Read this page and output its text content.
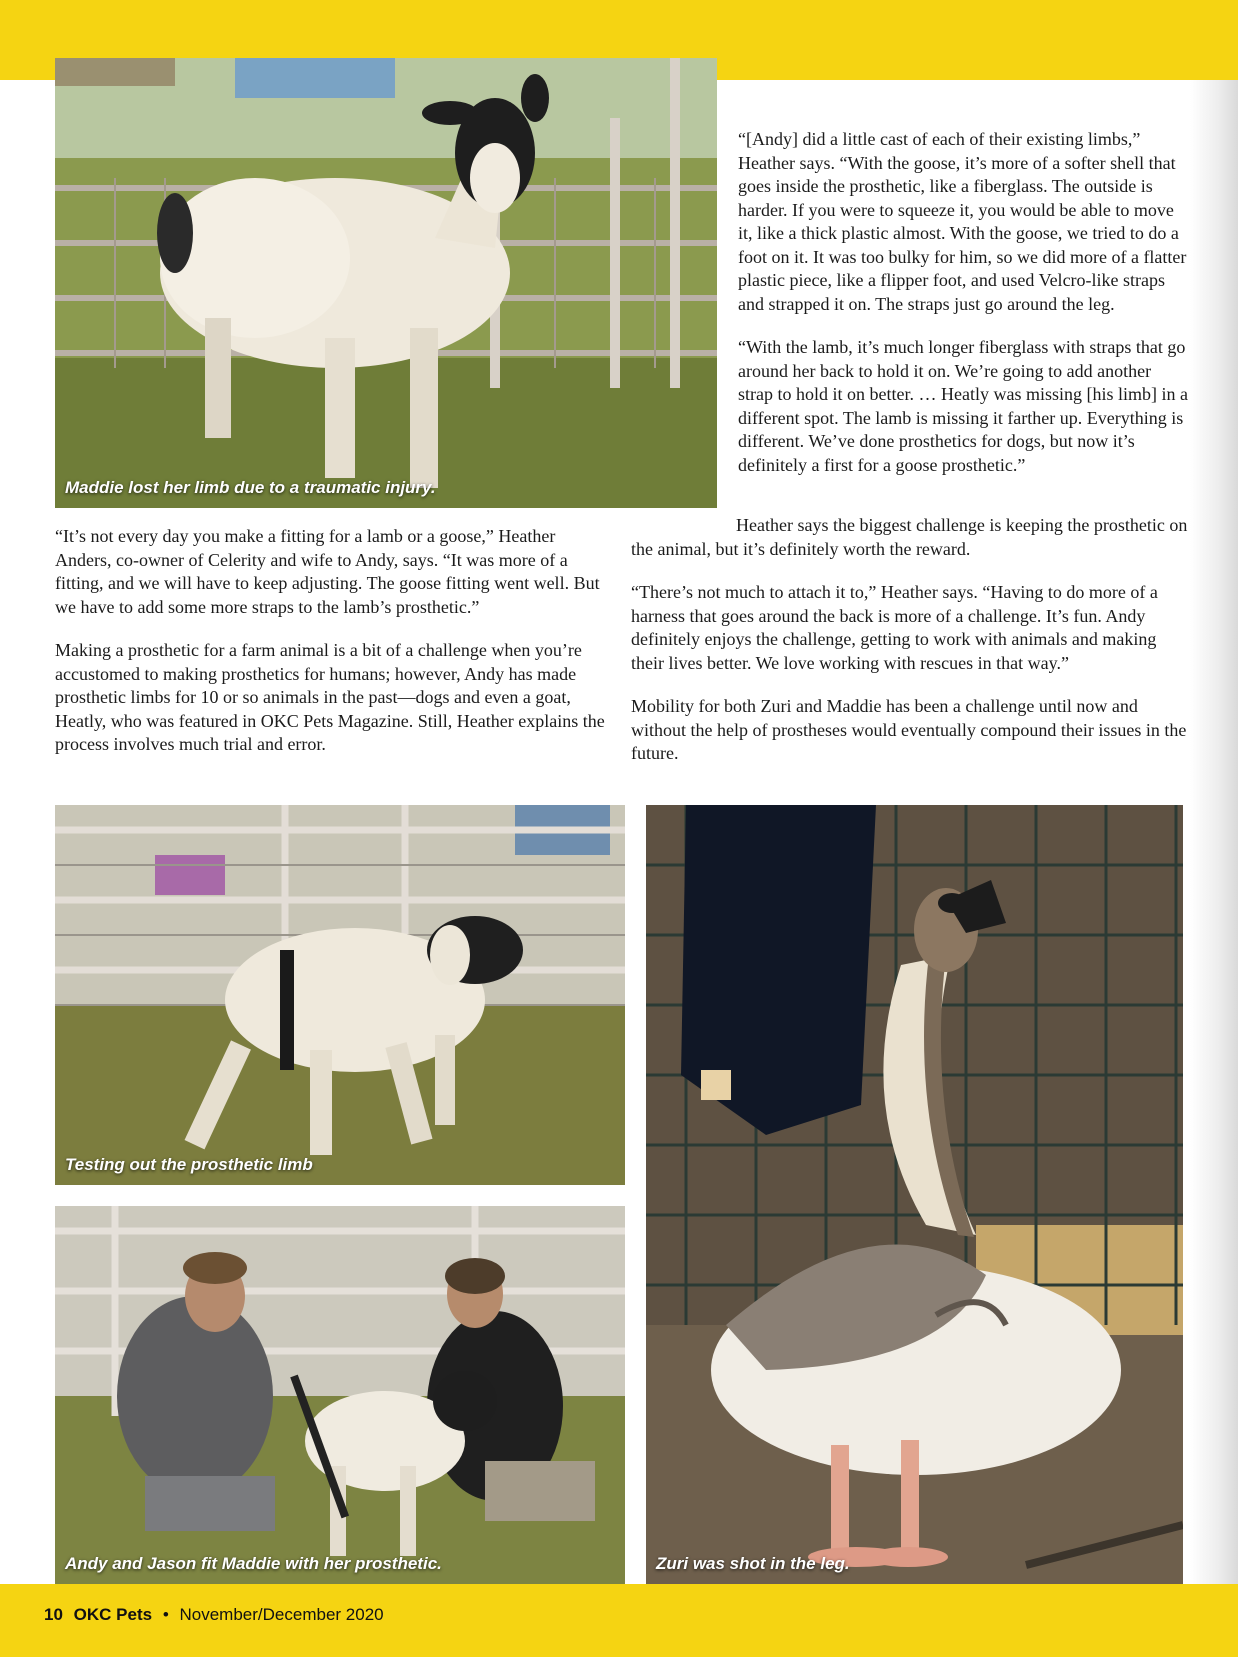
Maddie lost her limb due to a traumatic injury.

“[Andy] did a little cast of each of their existing limbs,” Heather says. “With the goose, it’s more of a softer shell that goes inside the prosthetic, like a fiberglass. The outside is harder. If you were to squeeze it, you would be able to move it, like a thick plastic almost. With the goose, we tried to do a foot on it. It was too bulky for him, so we did more of a flatter plastic piece, like a flipper foot, and used Velcro-like straps and strapped it on. The straps just go around the leg.

“With the lamb, it’s much longer fiberglass with straps that go around her back to hold it on. We’re going to add another strap to hold it on better. … Heatly was missing [his limb] in a different spot. The lamb is missing it farther up. Everything is different. We’ve done prosthetics for dogs, but now it’s definitely a first for a goose prosthetic.”

“It’s not every day you make a fitting for a lamb or a goose,” Heather Anders, co-owner of Celerity and wife to Andy, says. “It was more of a fitting, and we will have to keep adjusting. The goose fitting went well. But we have to add some more straps to the lamb’s prosthetic.”

Making a prosthetic for a farm animal is a bit of a challenge when you’re accustomed to making prosthetics for humans; however, Andy has made prosthetic limbs for 10 or so animals in the past—dogs and even a goat, Heatly, who was featured in OKC Pets Magazine. Still, Heather explains the process involves much trial and error.

Heather says the biggest challenge is keeping the prosthetic on the animal, but it’s definitely worth the reward.

“There’s not much to attach it to,” Heather says. “Having to do more of a harness that goes around the back is more of a challenge. It’s fun. Andy definitely enjoys the challenge, getting to work with animals and making their lives better. We love working with rescues in that way.”

Mobility for both Zuri and Maddie has been a challenge until now and without the help of prostheses would eventually compound their issues in the future.

Testing out the prosthetic limb

Andy and Jason fit Maddie with her prosthetic.	Zuri was shot in the leg.

10 OKC Pets • November/December 2020
